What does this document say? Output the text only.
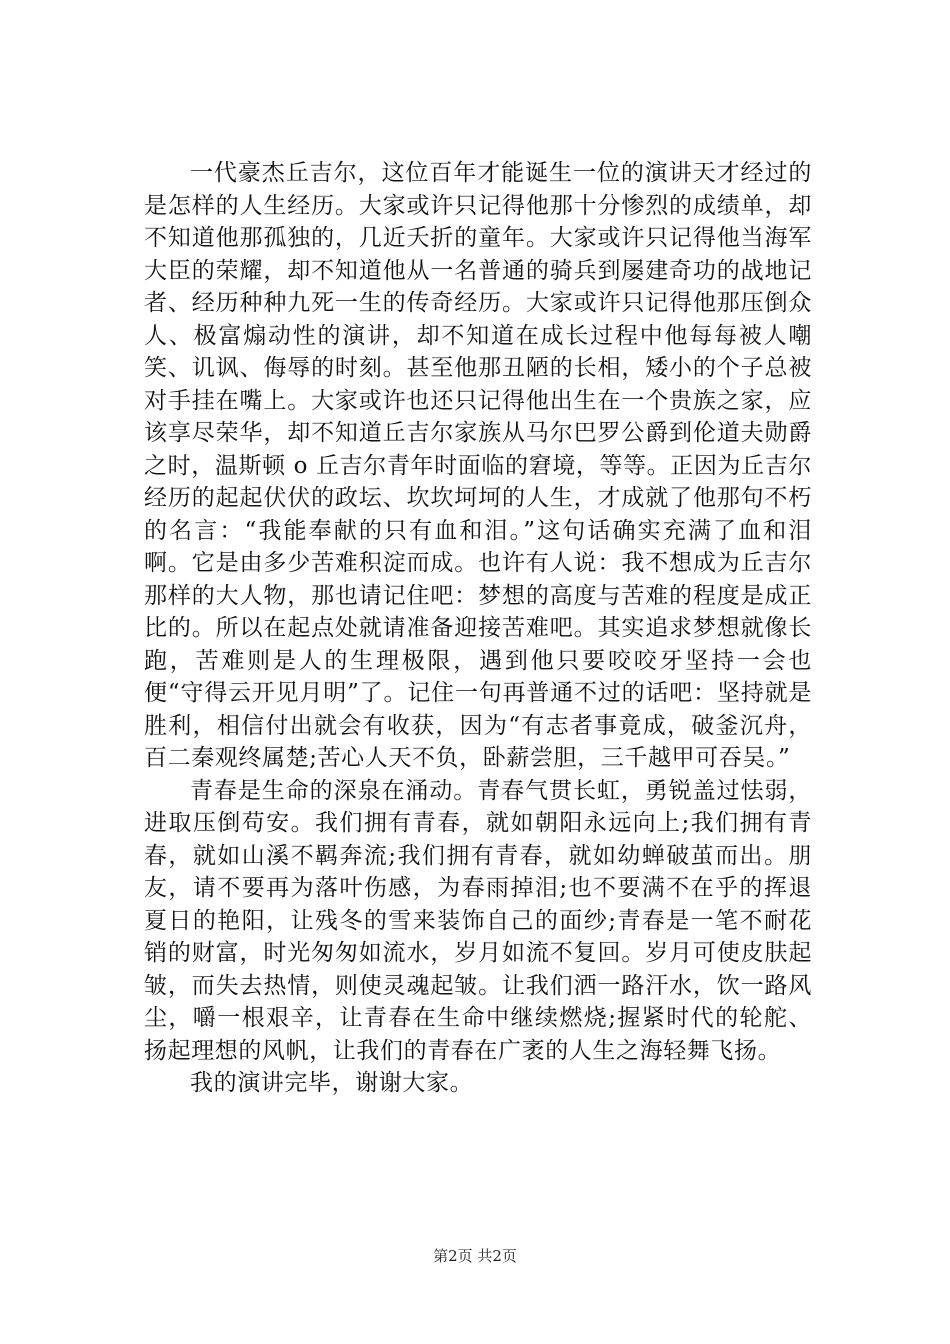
一代豪杰丘吉尔，这位百年才能诞生一位的演讲天才经过的是怎样的人生经历。大家或许只记得他那十分惨烈的成绩单，却不知道他那孤独的，几近夭折的童年。大家或许只记得他当海军大臣的荣耀，却不知道他从一名普通的骑兵到屡建奇功的战地记者、经历种种九死一生的传奇经历。大家或许只记得他那压倒众人、极富煽动性的演讲，却不知道在成长过程中他每每被人嘲笑、讥讽、侮辱的时刻。甚至他那丑陋的长相，矮小的个子总被对手挂在嘴上。大家或许也还只记得他出生在一个贵族之家，应该享尽荣华，却不知道丘吉尔家族从马尔巴罗公爵到伦道夫勋爵之时，温斯顿 o 丘吉尔青年时面临的窘境，等等。正因为丘吉尔经历的起起伏伏的政坛、坎坎坷坷的人生，才成就了他那句不朽的名言：“我能奉献的只有血和泪。”这句话确实充满了血和泪啊。它是由多少苦难积淀而成。也许有人说：我不想成为丘吉尔那样的大人物，那也请记住吧：梦想的高度与苦难的程度是成正比的。所以在起点处就请准备迎接苦难吧。其实追求梦想就像长跑，苦难则是人的生理极限，遇到他只要咬咬牙坚持一会也便“守得云开见月明”了。记住一句再普通不过的话吧：坚持就是胜利，相信付出就会有收获，因为“有志者事竟成，破釜沉舟，百二秦观终属楚;苦心人天不负，卧薪尝胆，三千越甲可吞吴。”

青春是生命的深泉在涌动。青春气贯长虹，勇锐盖过怯弱，进取压倒苟安。我们拥有青春，就如朝阳永远向上;我们拥有青春，就如山溪不羁奔流;我们拥有青春，就如幼蝉破茧而出。朋友，请不要再为落叶伤感，为春雨掉泪;也不要满不在乎的挥退夏日的艳阳，让残冬的雪来装饰自己的面纱;青春是一笔不耐花销的财富，时光匆匆如流水，岁月如流不复回。岁月可使皮肤起皱，而失去热情，则使灵魂起皱。让我们洒一路汗水，饮一路风尘，嚼一根艰辛，让青春在生命中继续燃烧;握紧时代的轮舵、扬起理想的风帆，让我们的青春在广袤的人生之海轻舞飞扬。

我的演讲完毕，谢谢大家。

第2页 共2页
